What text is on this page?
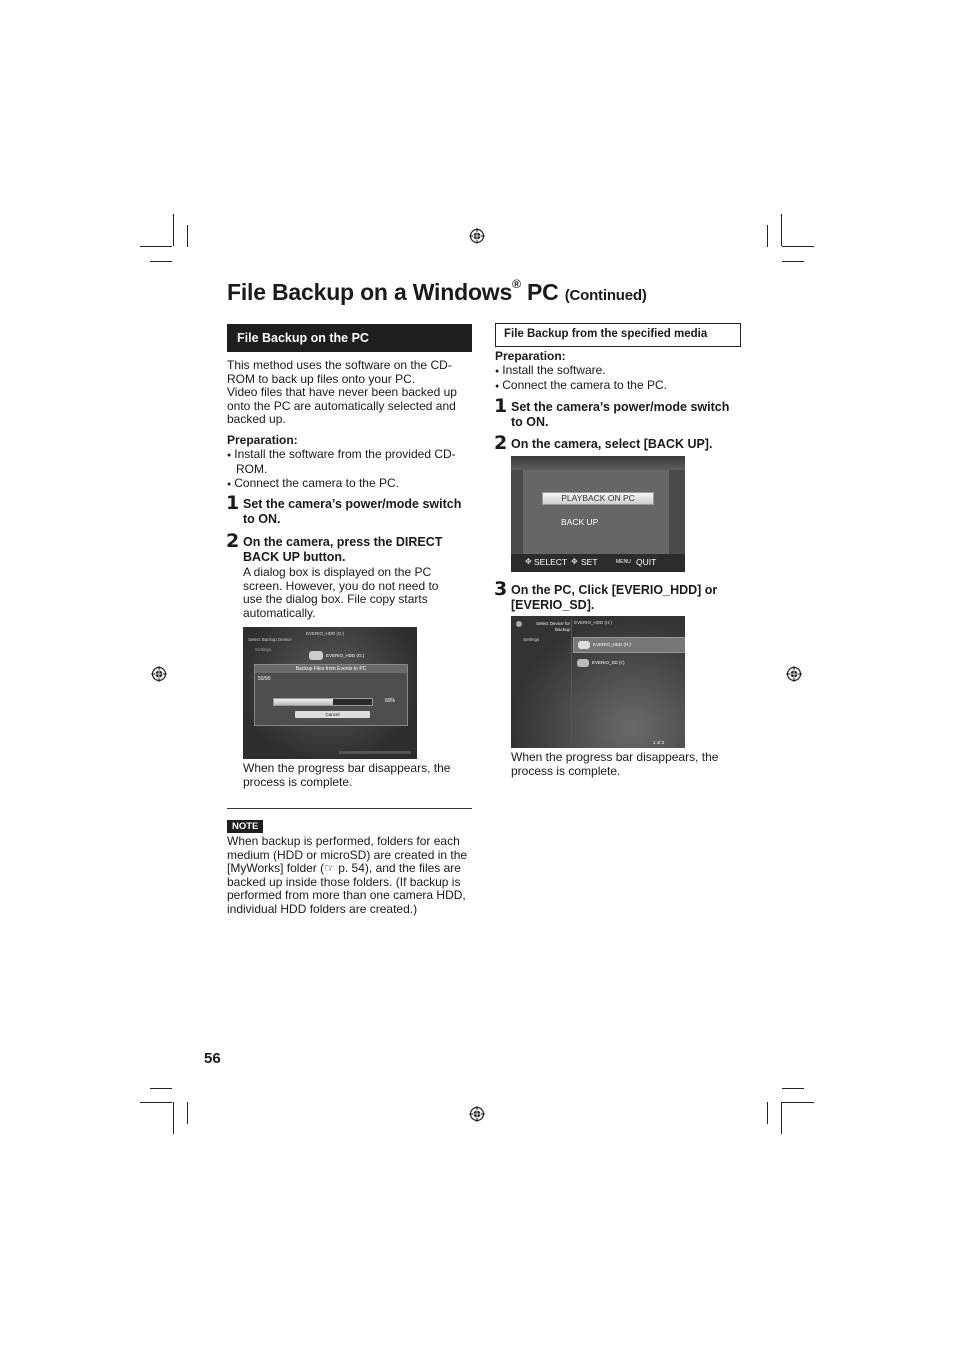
File Backup on a Windows® PC (Continued)
File Backup on the PC
This method uses the software on the CD-
ROM to back up files onto your PC.
Video files that have never been backed up
onto the PC are automatically selected and
backed up.
Preparation:
● Install the software from the provided CD-
ROM.
● Connect the camera to the PC.
1 Set the camera’s power/mode switch
to ON.
2 On the camera, press the DIRECT
BACK UP button.
A dialog box is displayed on the PC
screen. However, you do not need to
use the dialog box. File copy starts
automatically.
Select Backup Device
Settings
EVERIO_HDD (G:)
EVERIO_HDD (G:)
Backup Files from Events to PC
50/90
60%
Cancel
When the progress bar disappears, the
process is complete.
NOTE
When backup is performed, folders for each
medium (HDD or microSD) are created in the
[MyWorks] folder (☞ p. 54), and the files are
backed up inside those folders. (If backup is
performed from more than one camera HDD,
individual HDD folders are created.)
File Backup from the specified media
Preparation:
● Install the software.
● Connect the camera to the PC.
1 Set the camera’s power/mode switch
to ON.
2 On the camera, select [BACK UP].
PLAYBACK ON PC
BACK UP
✥ SELECT ✥ SET	MENU QUIT
3 On the PC, Click [EVERIO_HDD] or
[EVERIO_SD].
Select Device for Backup
Settings
EVERIO_HDD (H:)
EVERIO_HDD (H:)
EVERIO_SD (I:)
1 of 2
When the progress bar disappears, the
process is complete.
56
